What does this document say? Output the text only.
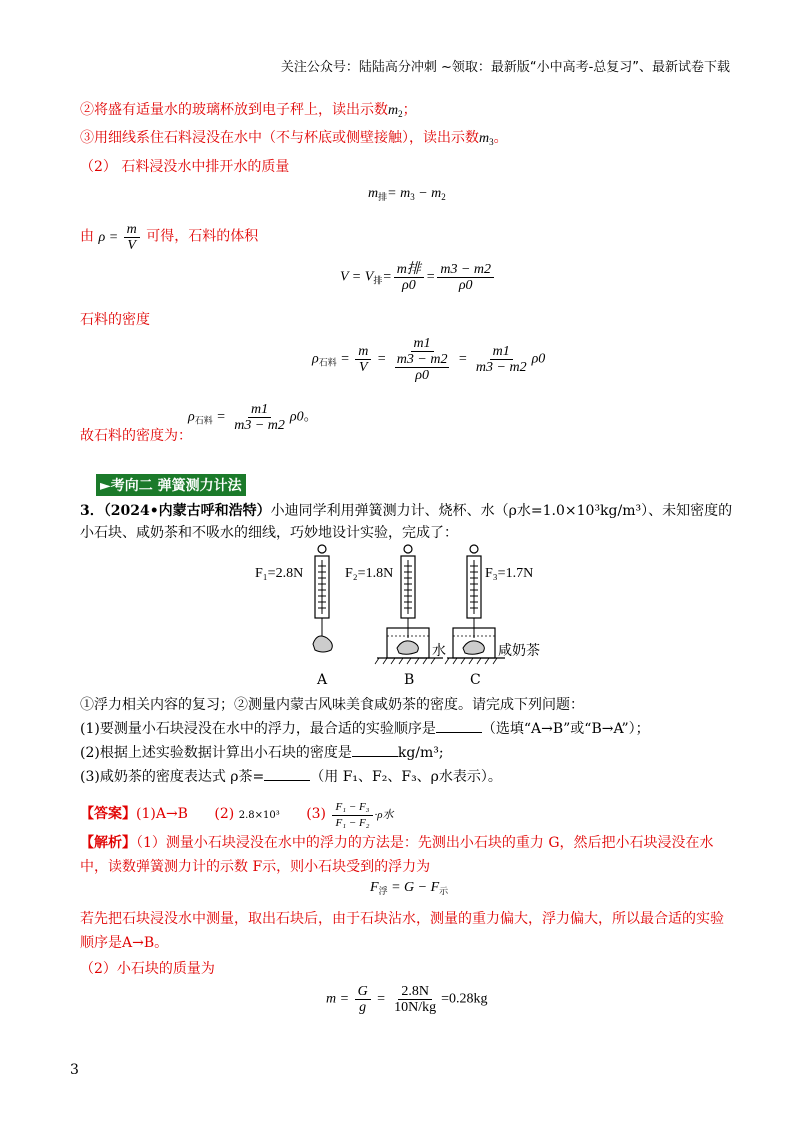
关注公众号：陆陆高分冲刺 ~领取：最新版“小中高考-总复习”、最新试卷下载
②将盛有适量水的玻璃杯放到电子秤上，读出示数$m_2$；
③用细线系住石料浸没在水中（不与杯底或侧壁接触），读出示数$m_3$。
（2） 石料浸没水中排开水的质量
$m_排= m_3 - m_2$
由 $\rho = \frac{m}{V}$ 可得，石料的体积
$V = V_排= \frac{\text{m排}}{\rho 0} = \frac{m3 - m2}{\rho 0}$
石料的密度
$\rho_{石料} = \frac{m}{V} = \frac{m1}{\frac{m3 - m2}{\rho 0}} = \frac{m1}{m3 - m2} \rho 0$
故石料的密度为：
$\rho_{石料} = \frac{m1}{m3 - m2} \rho 0$。
►考向二 弹簧测力计法
3．（2024•内蒙古呼和浩特）小迪同学利用弹簧测力计、烧杯、水（ρ水=1.0×10³kg/m³）、未知密度的
小石块、咸奶茶和不吸水的细线，巧妙地设计实验，完成了：
F₁=2.8N	F₂=1.8N	F₃=1.7N
水	咸奶茶
A	B	C
①浮力相关内容的复习；②测量内蒙古风味美食咸奶茶的密度。请完成下列问题：
(1)要测量小石块浸没在水中的浮力，最合适的实验顺序是	（选填“A→B”或“B→A”）；
(2)根据上述实验数据计算出小石块的密度是	kg/m³;
(3)咸奶茶的密度表达式 ρ茶=	（用 F₁、F₂、F₃、ρ水表示）。
【答案】(1)A→B (2) 2.8×10³ $(3) \frac{\text{F₁ − F₃}}{\text{F₁ − F₂}} \cdot\rho$水
【解析】（1）测量小石块浸没在水中的浮力的方法是：先测出小石块的重力 G，然后把小石块浸没在水
中，读数弹簧测力计的示数 F示，则小石块受到的浮力为
$F_浮 = G - F_示$
若先把石块浸没水中测量，取出石块后，由于石块沾水，测量的重力偏大，浮力偏大，所以最合适的实验
顺序是A→B。
（2）小石块的质量为
$m = \frac{G}{g} = \frac{2.8N}{10N/kg} =0.28kg$
3
